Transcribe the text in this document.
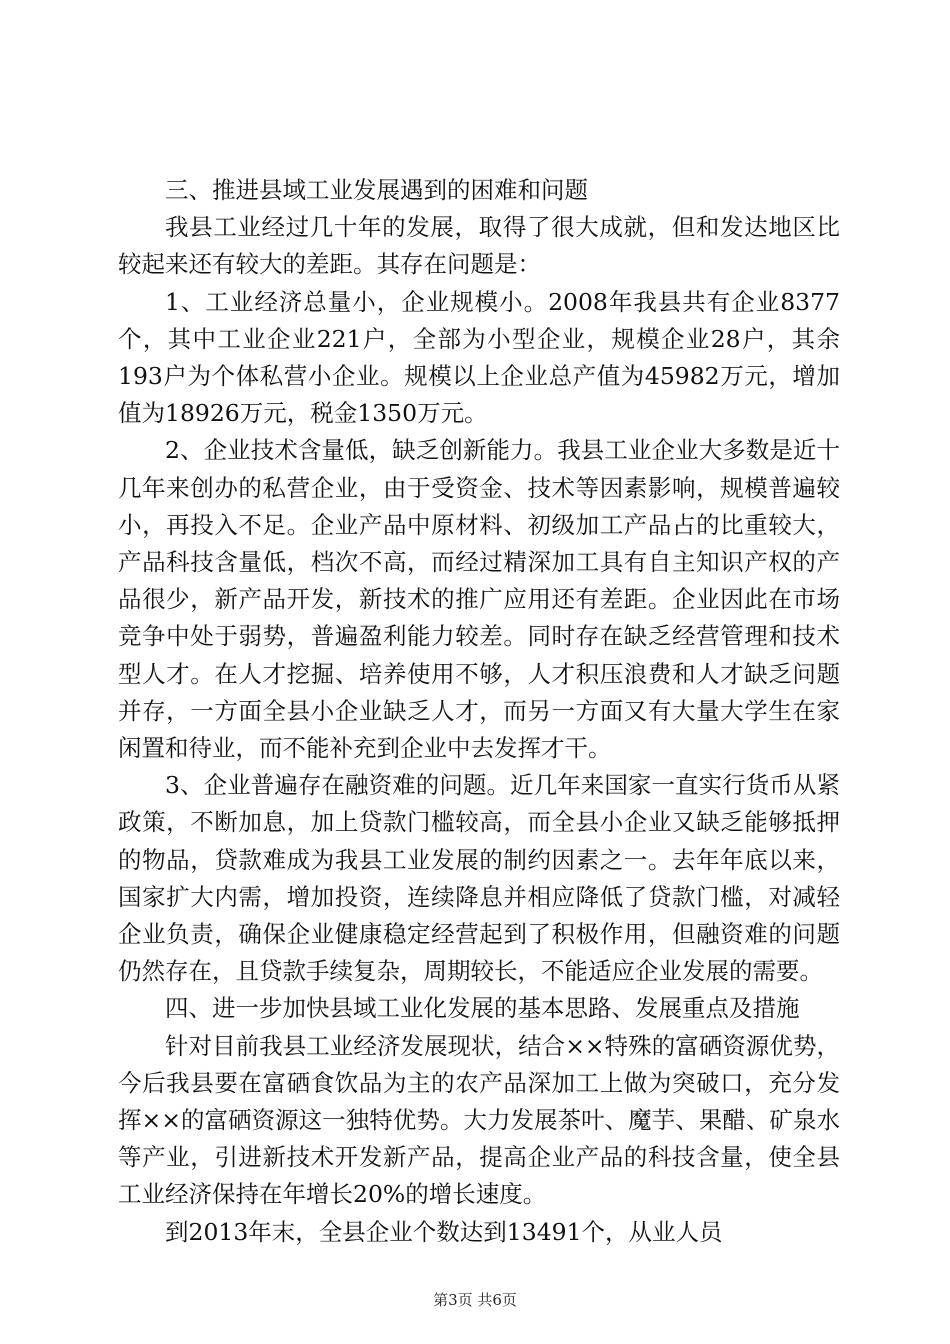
三、推进县域工业发展遇到的困难和问题

我县工业经过几十年的发展，取得了很大成就，但和发达地区比较起来还有较大的差距。其存在问题是：

1、工业经济总量小，企业规模小。2008年我县共有企业8377个，其中工业企业221户，全部为小型企业，规模企业28户，其余193户为个体私营小企业。规模以上企业总产值为45982万元，增加值为18926万元，税金1350万元。

2、企业技术含量低，缺乏创新能力。我县工业企业大多数是近十几年来创办的私营企业，由于受资金、技术等因素影响，规模普遍较小，再投入不足。企业产品中原材料、初级加工产品占的比重较大，产品科技含量低，档次不高，而经过精深加工具有自主知识产权的产品很少，新产品开发，新技术的推广应用还有差距。企业因此在市场竞争中处于弱势，普遍盈利能力较差。同时存在缺乏经营管理和技术型人才。在人才挖掘、培养使用不够，人才积压浪费和人才缺乏问题并存，一方面全县小企业缺乏人才，而另一方面又有大量大学生在家闲置和待业，而不能补充到企业中去发挥才干。

3、企业普遍存在融资难的问题。近几年来国家一直实行货币从紧政策，不断加息，加上贷款门槛较高，而全县小企业又缺乏能够抵押的物品，贷款难成为我县工业发展的制约因素之一。去年年底以来，国家扩大内需，增加投资，连续降息并相应降低了贷款门槛，对减轻企业负责，确保企业健康稳定经营起到了积极作用，但融资难的问题仍然存在，且贷款手续复杂，周期较长，不能适应企业发展的需要。

四、进一步加快县域工业化发展的基本思路、发展重点及措施

针对目前我县工业经济发展现状，结合××特殊的富硒资源优势，今后我县要在富硒食饮品为主的农产品深加工上做为突破口，充分发挥××的富硒资源这一独特优势。大力发展茶叶、魔芋、果醋、矿泉水等产业，引进新技术开发新产品，提高企业产品的科技含量，使全县工业经济保持在年增长20%的增长速度。

到2013年末，全县企业个数达到13491个，从业人员

第3页 共6页
